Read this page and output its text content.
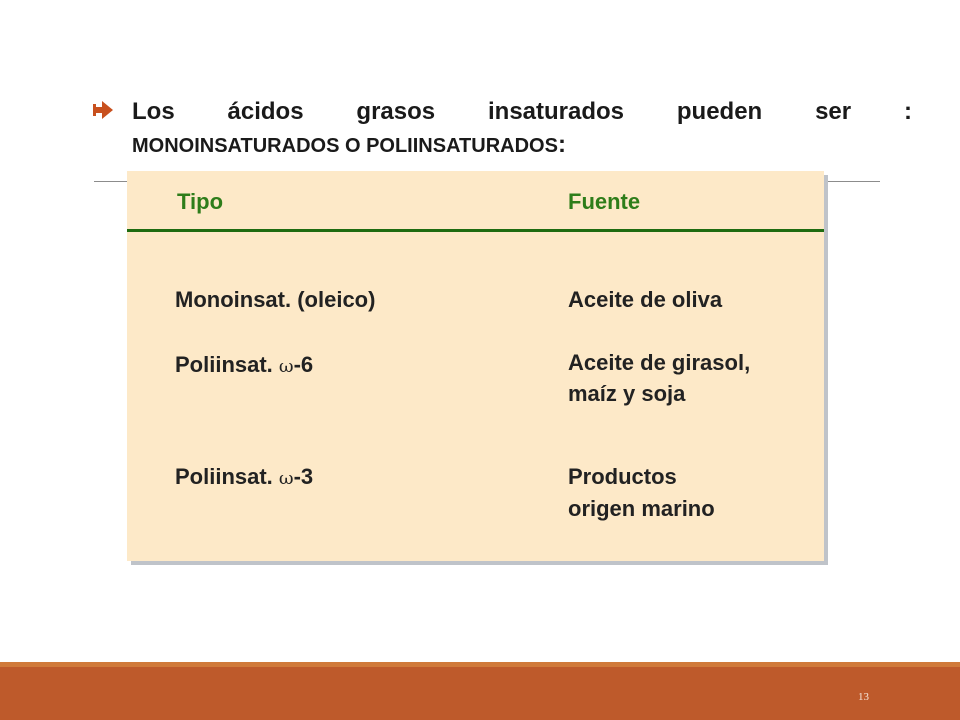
Los ácidos grasos insaturados pueden ser :
MONOINSATURADOS O POLIINSATURADOS:
Tipo	Fuente
Monoinsat. (oleico)	Aceite de oliva
Poliinsat. ω-6	Aceite de girasol,
maíz y soja
Poliinsat. ω-3	Productos
origen marino
13
